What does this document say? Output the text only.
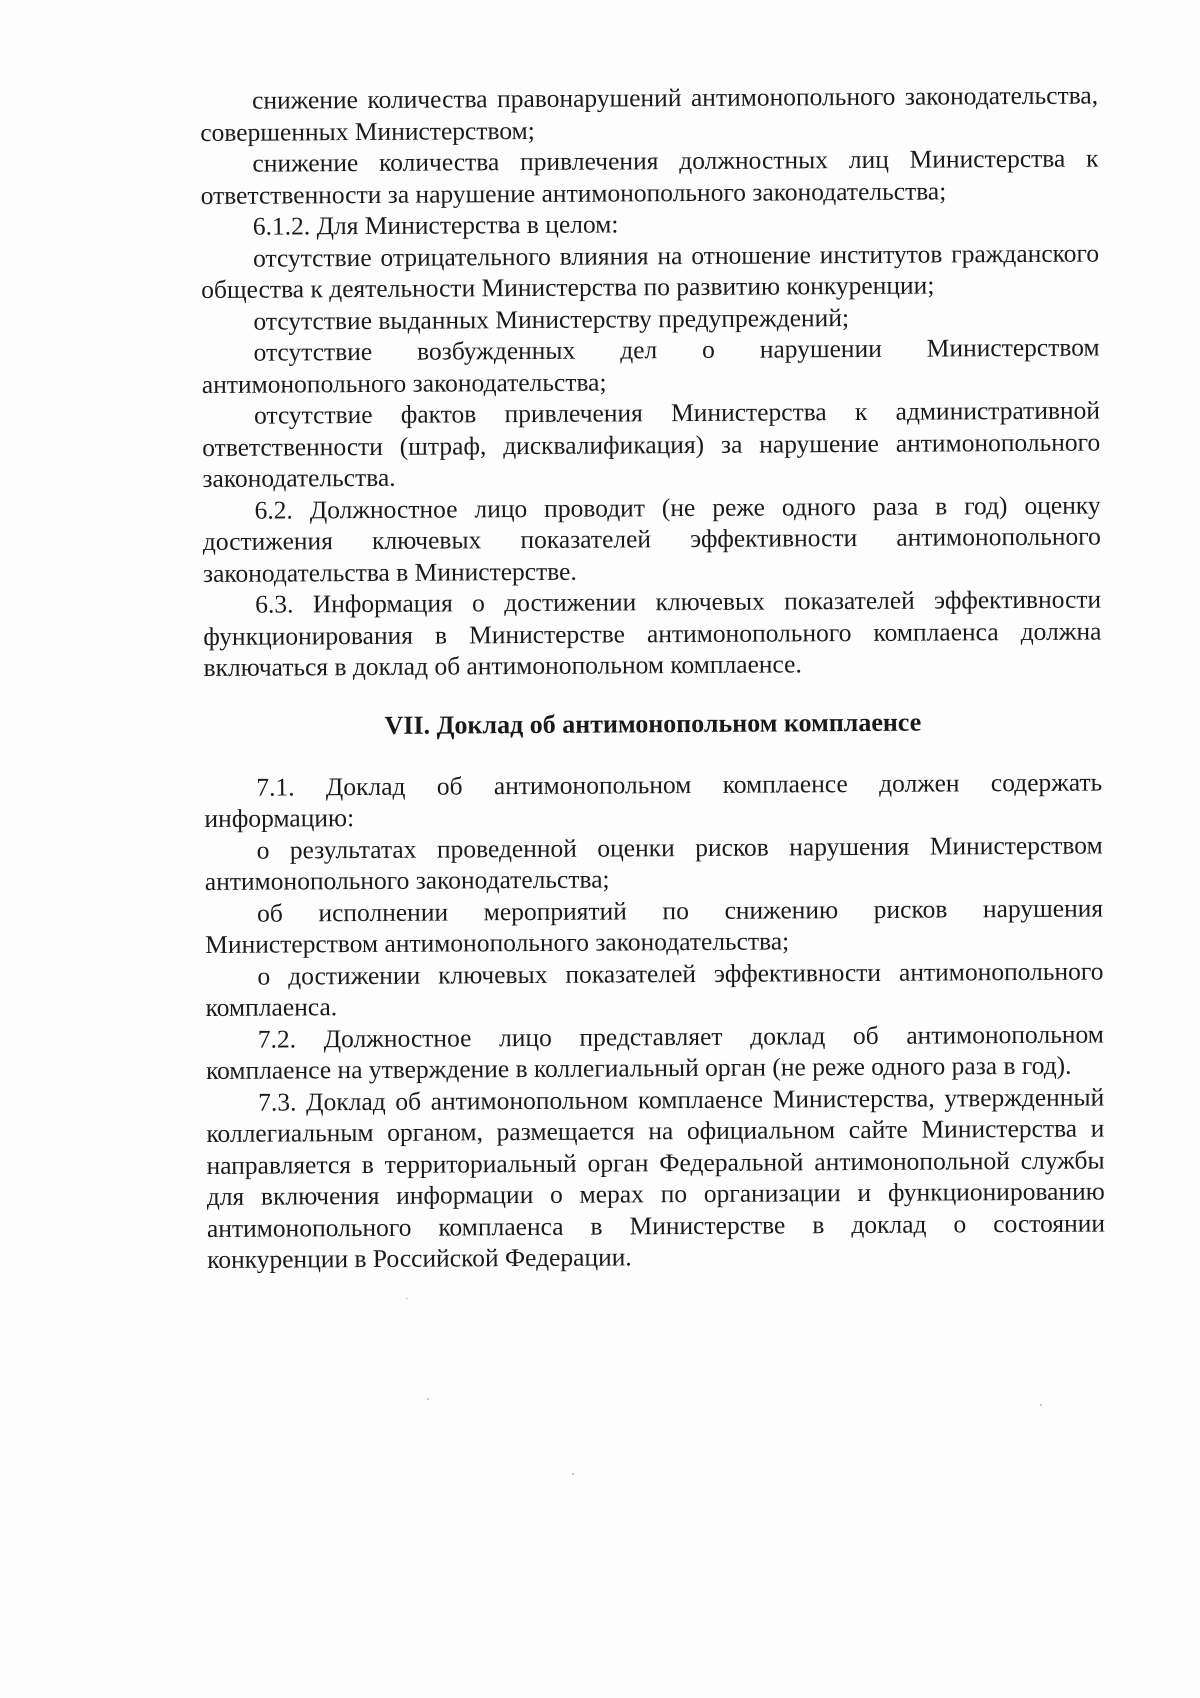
снижение количества правонарушений антимонопольного законодательства, совершенных Министерством;

снижение количества привлечения должностных лиц Министерства к ответственности за нарушение антимонопольного законодательства;

6.1.2. Для Министерства в целом:

отсутствие отрицательного влияния на отношение институтов гражданского общества к деятельности Министерства по развитию конкуренции;

отсутствие выданных Министерству предупреждений;

отсутствие возбужденных дел о нарушении Министерством антимонопольного законодательства;

отсутствие фактов привлечения Министерства к административной ответственности (штраф, дисквалификация) за нарушение антимонопольного законодательства.

6.2. Должностное лицо проводит (не реже одного раза в год) оценку достижения ключевых показателей эффективности антимонопольного законодательства в Министерстве.

6.3. Информация о достижении ключевых показателей эффективности функционирования в Министерстве антимонопольного комплаенса должна включаться в доклад об антимонопольном комплаенсе.

VII. Доклад об антимонопольном комплаенсе

7.1. Доклад об антимонопольном комплаенсе должен содержать информацию:

о результатах проведенной оценки рисков нарушения Министерством антимонопольного законодательства;

об исполнении мероприятий по снижению рисков нарушения Министерством антимонопольного законодательства;

о достижении ключевых показателей эффективности антимонопольного комплаенса.

7.2. Должностное лицо представляет доклад об антимонопольном комплаенсе на утверждение в коллегиальный орган (не реже одного раза в год).

7.3. Доклад об антимонопольном комплаенсе Министерства, утвержденный коллегиальным органом, размещается на официальном сайте Министерства и направляется в территориальный орган Федеральной антимонопольной службы для включения информации о мерах по организации и функционированию антимонопольного комплаенса в Министерстве в доклад о состоянии конкуренции в Российской Федерации.
